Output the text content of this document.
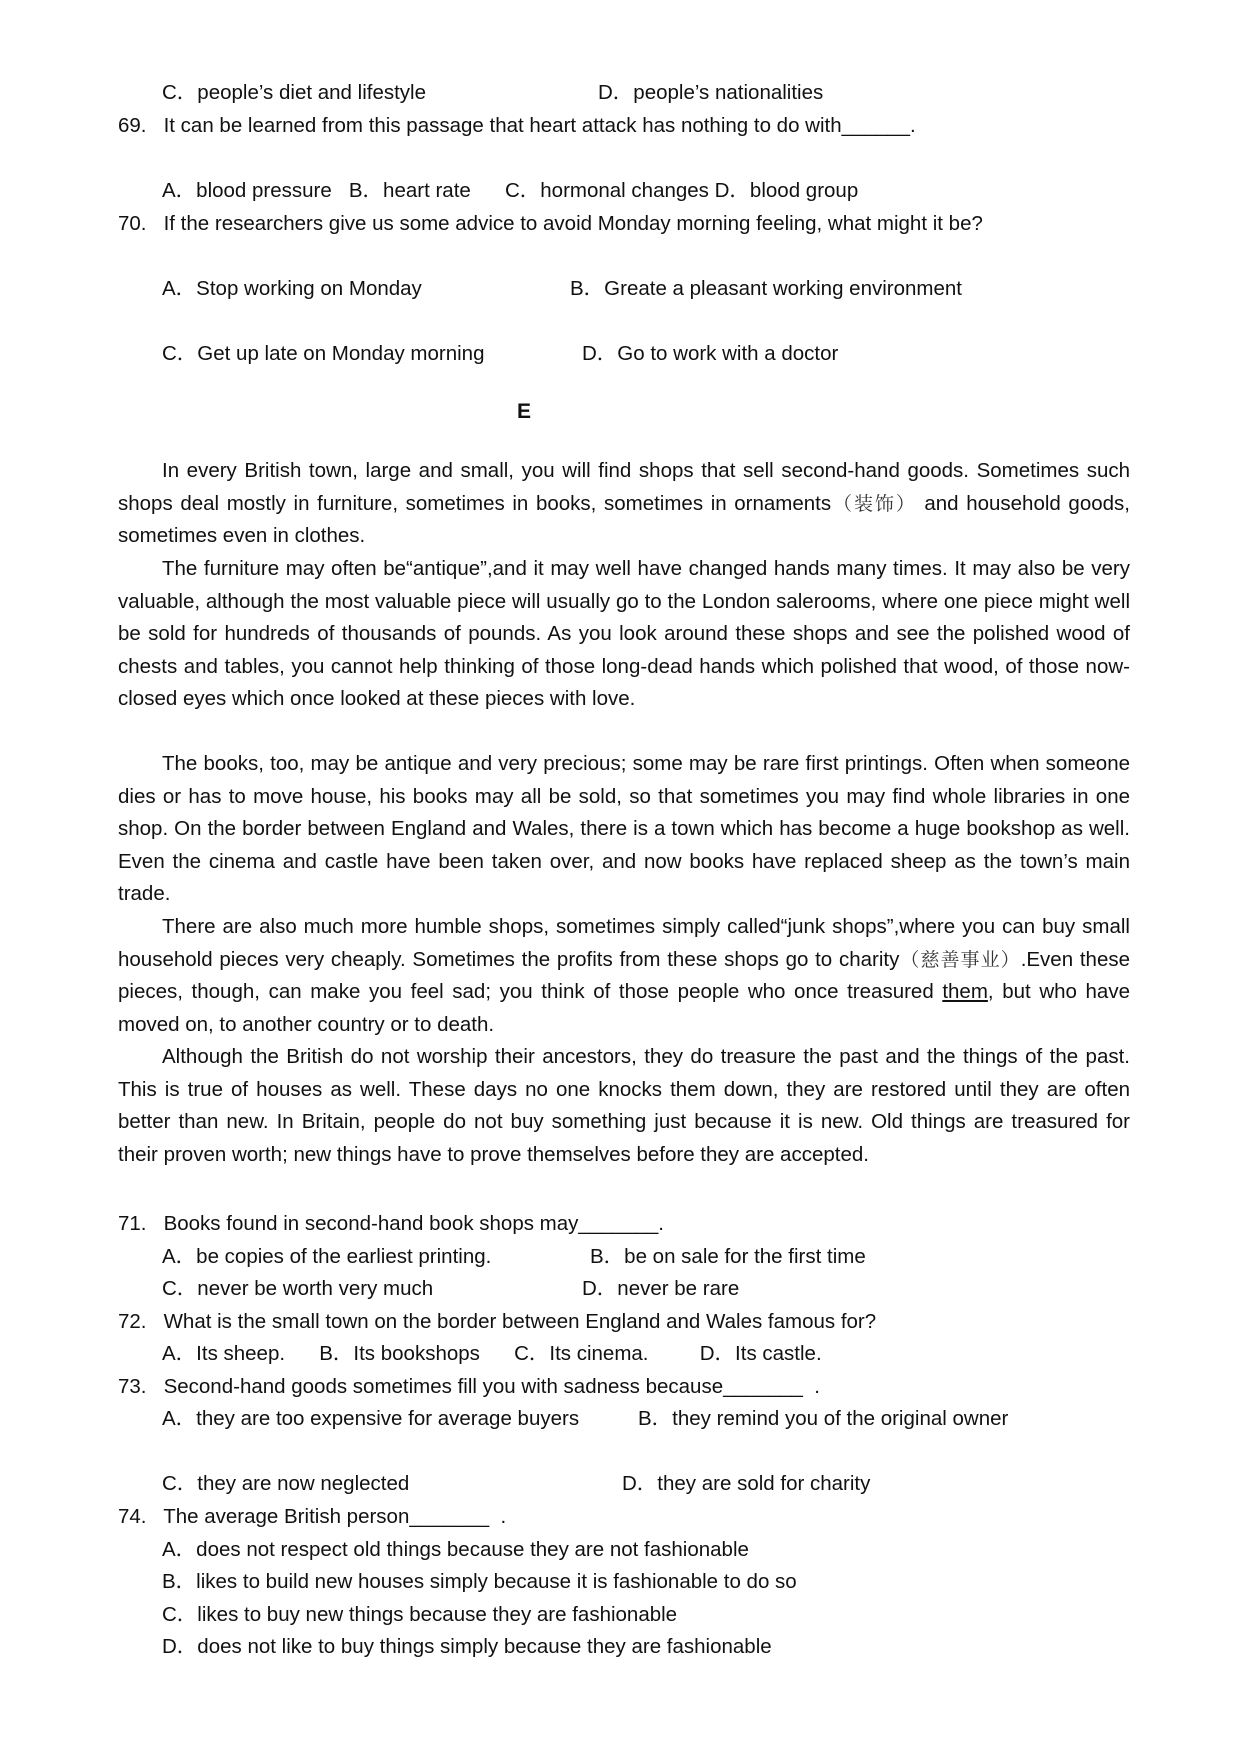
C．people’s diet and lifestyle	D．people’s nationalities
69.   It can be learned from this passage that heart attack has nothing to do with______.
A．blood pressure   B．heart rate      C．hormonal changes D．blood group
70.   If the researchers give us some advice to avoid Monday morning feeling, what might it be?
A．Stop working on Monday	B．Greate a pleasant working environment
C．Get up late on Monday morning	D．Go to work with a doctor
E

In every British town, large and small, you will find shops that sell second-hand goods. Sometimes such shops deal mostly in furniture, sometimes in books, sometimes in ornaments（装饰） and household goods, sometimes even in clothes.

The furniture may often be“antique”,and it may well have changed hands many times. It may also be very valuable, although the most valuable piece will usually go to the London salerooms, where one piece might well be sold for hundreds of thousands of pounds. As you look around these shops and see the polished wood of chests and tables, you cannot help thinking of those long-dead hands which polished that wood, of those now-closed eyes which once looked at these pieces with love.

The books, too, may be antique and very precious; some may be rare first printings. Often when someone dies or has to move house, his books may all be sold, so that sometimes you may find whole libraries in one shop. On the border between England and Wales, there is a town which has become a huge bookshop as well. Even the cinema and castle have been taken over, and now books have replaced sheep as the town’s main trade.

There are also much more humble shops, sometimes simply called“junk shops”,where you can buy small household pieces very cheaply. Sometimes the profits from these shops go to charity（慈善事业）.Even these pieces, though, can make you feel sad; you think of those people who once treasured them, but who have moved on, to another country or to death.

Although the British do not worship their ancestors, they do treasure the past and the things of the past. This is true of houses as well. These days no one knocks them down, they are restored until they are often better than new. In Britain, people do not buy something just because it is new. Old things are treasured for their proven worth; new things have to prove themselves before they are accepted.

71.   Books found in second-hand book shops may_______.
A．be copies of the earliest printing.	B．be on sale for the first time
C．never be worth very much	D．never be rare
72.   What is the small town on the border between England and Wales famous for?
A．Its sheep.      B．Its bookshops      C．Its cinema.         D．Its castle.
73.   Second-hand goods sometimes fill you with sadness because_______  .
A．they are too expensive for average buyers	B．they remind you of the original owner
C．they are now neglected	D．they are sold for charity
74.   The average British person_______  .
A．does not respect old things because they are not fashionable
B．likes to build new houses simply because it is fashionable to do so
C．likes to buy new things because they are fashionable
D．does not like to buy things simply because they are fashionable
